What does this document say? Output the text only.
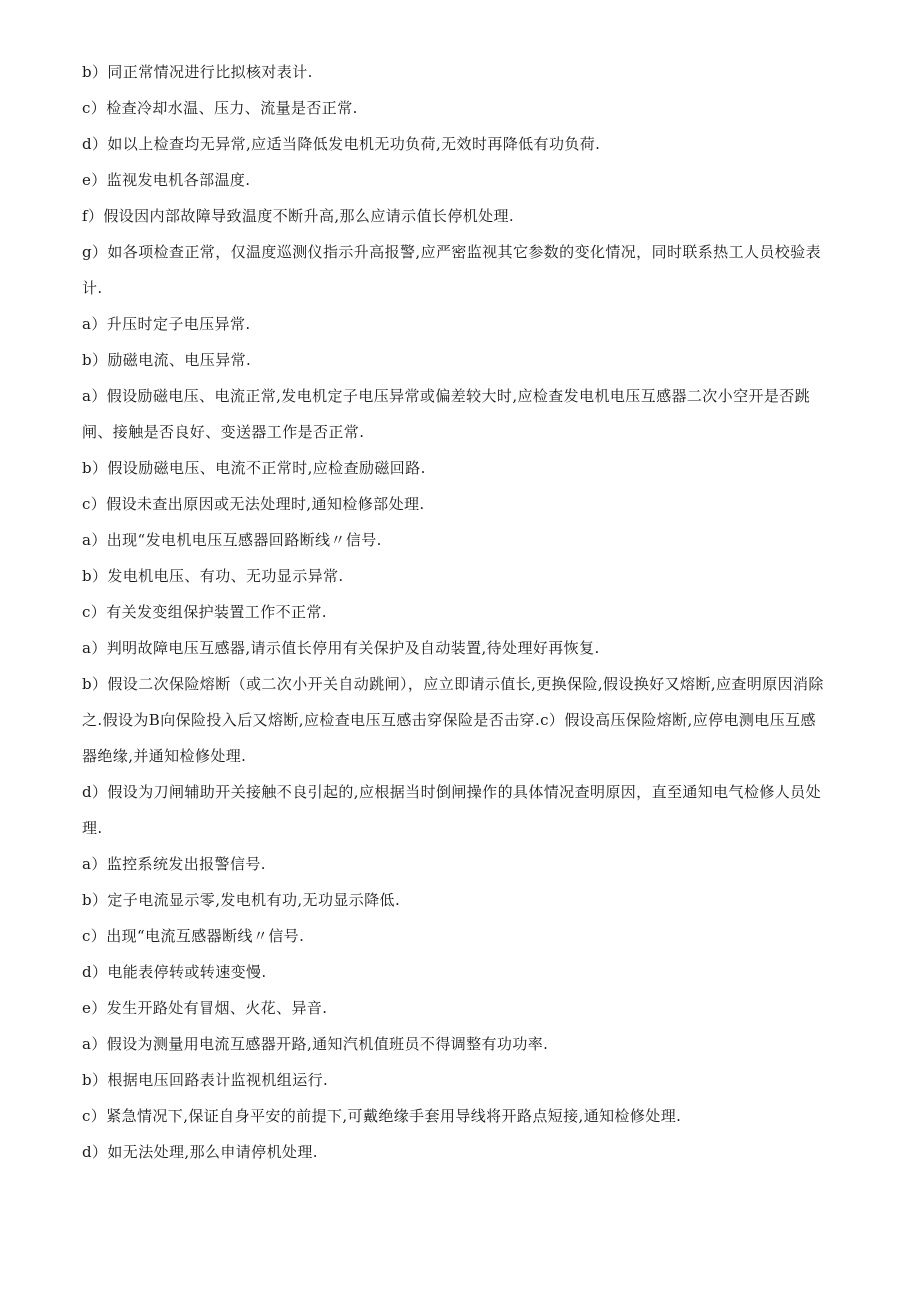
b）同正常情况进行比拟核对表计.

c）检查冷却水温、压力、流量是否正常.

d）如以上检查均无异常,应适当降低发电机无功负荷,无效时再降低有功负荷.

e）监视发电机各部温度.

f）假设因内部故障导致温度不断升高,那么应请示值长停机处理.

g）如各项检查正常，仅温度巡测仪指示升高报警,应严密监视其它参数的变化情况，同时联系热工人员校验表计.

a）升压时定子电压异常.

b）励磁电流、电压异常.

a）假设励磁电压、电流正常,发电机定子电压异常或偏差较大时,应检查发电机电压互感器二次小空开是否跳闸、接触是否良好、变送器工作是否正常.

b）假设励磁电压、电流不正常时,应检查励磁回路.

c）假设未查出原因或无法处理时,通知检修部处理.

a）出现“发电机电压互感器回路断线〃信号.

b）发电机电压、有功、无功显示异常.

c）有关发变组保护装置工作不正常.

a）判明故障电压互感器,请示值长停用有关保护及自动装置,待处理好再恢复.

b）假设二次保险熔断（或二次小开关自动跳闸），应立即请示值长,更换保险,假设换好又熔断,应查明原因消除之.假设为B向保险投入后又熔断,应检查电压互感击穿保险是否击穿.c）假设高压保险熔断,应停电测电压互感器绝缘,并通知检修处理.

d）假设为刀闸辅助开关接触不良引起的,应根据当时倒闸操作的具体情况查明原因，直至通知电气检修人员处理.

a）监控系统发出报警信号.

b）定子电流显示零,发电机有功,无功显示降低.

c）出现“电流互感器断线〃信号.

d）电能表停转或转速变慢.

e）发生开路处有冒烟、火花、异音.

a）假设为测量用电流互感器开路,通知汽机值班员不得调整有功功率.

b）根据电压回路表计监视机组运行.

c）紧急情况下,保证自身平安的前提下,可戴绝缘手套用导线将开路点短接,通知检修处理.

d）如无法处理,那么申请停机处理.
